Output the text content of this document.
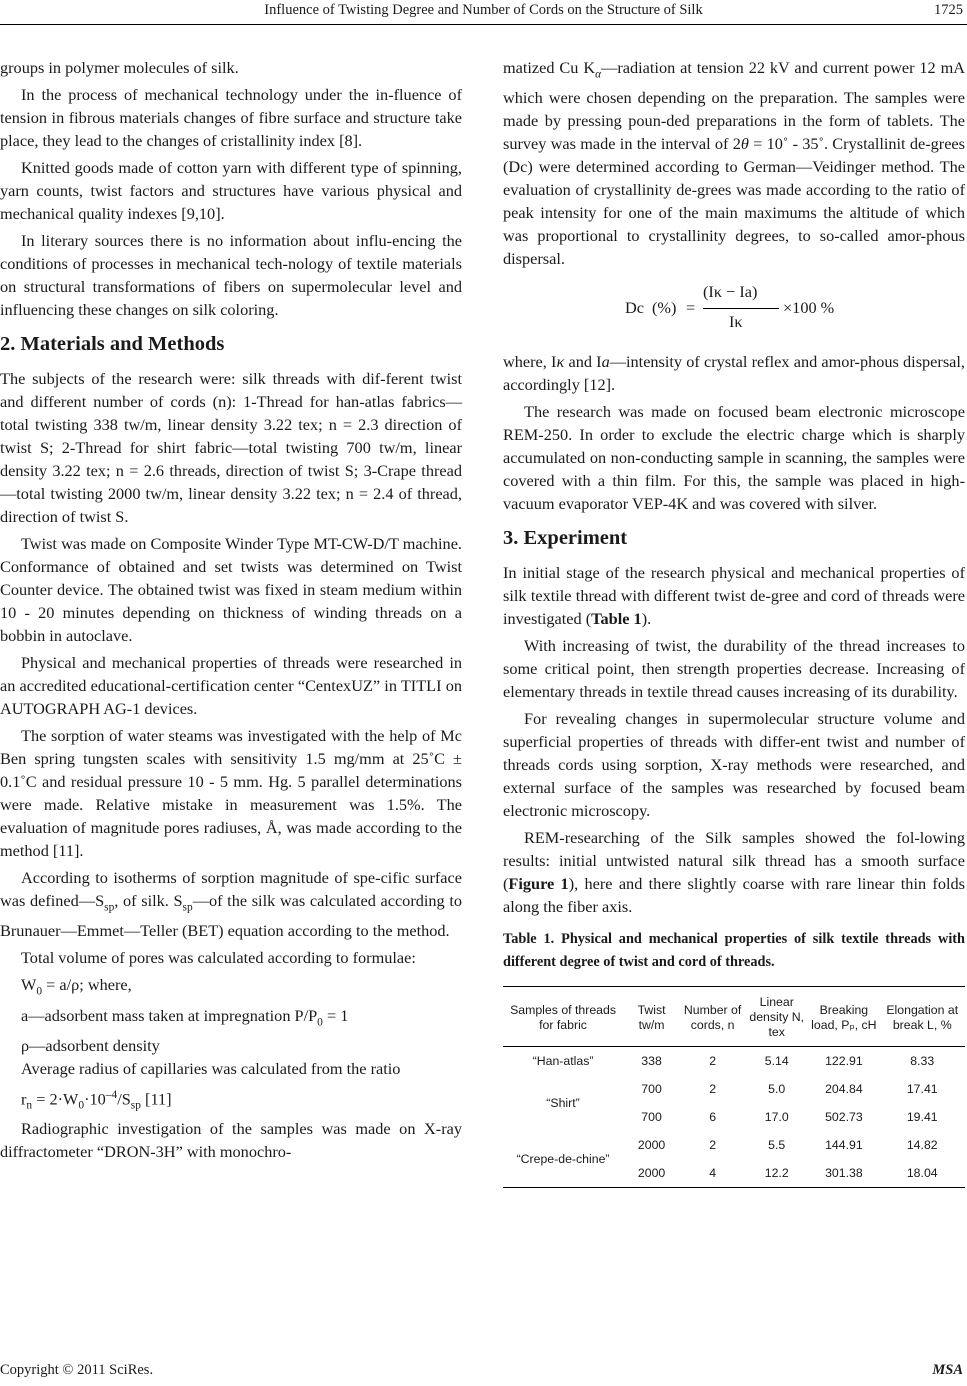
Influence of Twisting Degree and Number of Cords on the Structure of Silk	1725

groups in polymer molecules of silk.

In the process of mechanical technology under the in-fluence of tension in fibrous materials changes of fibre surface and structure take place, they lead to the changes of cristallinity index [8].

Knitted goods made of cotton yarn with different type of spinning, yarn counts, twist factors and structures have various physical and mechanical quality indexes [9,10].

In literary sources there is no information about influ-encing the conditions of processes in mechanical tech-nology of textile materials on structural transformations of fibers on supermolecular level and influencing these changes on silk coloring.

2. Materials and Methods

The subjects of the research were: silk threads with dif-ferent twist and different number of cords (n): 1-Thread for han-atlas fabrics—total twisting 338 tw/m, linear density 3.22 tex; n = 2.3 direction of twist S; 2-Thread for shirt fabric—total twisting 700 tw/m, linear density 3.22 tex; n = 2.6 threads, direction of twist S; 3-Crape thread—total twisting 2000 tw/m, linear density 3.22 tex; n = 2.4 of thread, direction of twist S.

Twist was made on Composite Winder Type MT-CW-D/T machine. Conformance of obtained and set twists was determined on Twist Counter device. The obtained twist was fixed in steam medium within 10 - 20 minutes depending on thickness of winding threads on a bobbin in autoclave.

Physical and mechanical properties of threads were researched in an accredited educational-certification center “CentexUZ” in TITLI on AUTOGRAPH AG-1 devices.

The sorption of water steams was investigated with the help of Mc Ben spring tungsten scales with sensitivity 1.5 mg/mm at 25˚C ± 0.1˚C and residual pressure 10 - 5 mm. Hg. 5 parallel determinations were made. Relative mistake in measurement was 1.5%. The evaluation of magnitude pores radiuses, Å, was made according to the method [11].

According to isotherms of sorption magnitude of spe-cific surface was $defined—S_{sp}$, of silk. $S_{sp}—of$ the silk was calculated according to Brunauer—Emmet—Teller (BET) equation according to the method.

Total volume of pores was calculated according to formulae:

$W_0 = a/\rho$; where,

a—adsorbent mass taken at impregnation $P/P_0 = 1$

ρ—adsorbent density

Average radius of capillaries was calculated from the ratio

$r_n = 2\cdot W_0\cdot 10^{-4}/S_{sp}$ [11]

Radiographic investigation of the samples was made on X-ray diffractometer “DRON-3H” with monochro-

matized Cu $K_\alpha—radiation$ at tension 22 kV and current power 12 mA which were chosen depending on the preparation. The samples were made by pressing poun-ded preparations in the form of tablets. The survey was made in the interval of 2θ = 10˚ - 35˚. Crystallinit de-grees (Dc) were determined according to German—Veidinger method. The evaluation of crystallinity de-grees was made according to the ratio of peak intensity for one of the main maximums the altitude of which was proportional to crystallinity degrees, to so-called amor-phous dispersal.

Dc (%) =
(Iκ − Ia)
Iκ
×100 %

where, Iκ and Ia—intensity of crystal reflex and amor-phous dispersal, accordingly [12].

The research was made on focused beam electronic microscope REM-250. In order to exclude the electric charge which is sharply accumulated on non-conducting sample in scanning, the samples were covered with a thin film. For this, the sample was placed in high-vacuum evaporator VEP-4K and was covered with silver.

3. Experiment

In initial stage of the research physical and mechanical properties of silk textile thread with different twist de-gree and cord of threads were investigated (Table 1).

With increasing of twist, the durability of the thread increases to some critical point, then strength properties decrease. Increasing of elementary threads in textile thread causes increasing of its durability.

For revealing changes in supermolecular structure volume and superficial properties of threads with differ-ent twist and number of threads cords using sorption, X-ray methods were researched, and external surface of the samples was researched by focused beam electronic microscopy.

REM-researching of the Silk samples showed the fol-lowing results: initial untwisted natural silk thread has a smooth surface (Figure 1), here and there slightly coarse with rare linear thin folds along the fiber axis.

Table 1. Physical and mechanical properties of silk textile threads with different degree of twist and cord of threads.
Samples of threads for fabric	Twist tw/m	Number of cords, n	Linear density N, tex	Breaking load, Pₚ, cH	Elongation at break L, %
“Han-atlas”	338	2	5.14	122.91	8.33
“Shirt”	700	2	5.0	204.84	17.41
	700	6	17.0	502.73	19.41
“Crepe-de-chine”	2000	2	5.5	144.91	14.82
	2000	4	12.2	301.38	18.04
Copyright © 2011 SciRes.	MSA
